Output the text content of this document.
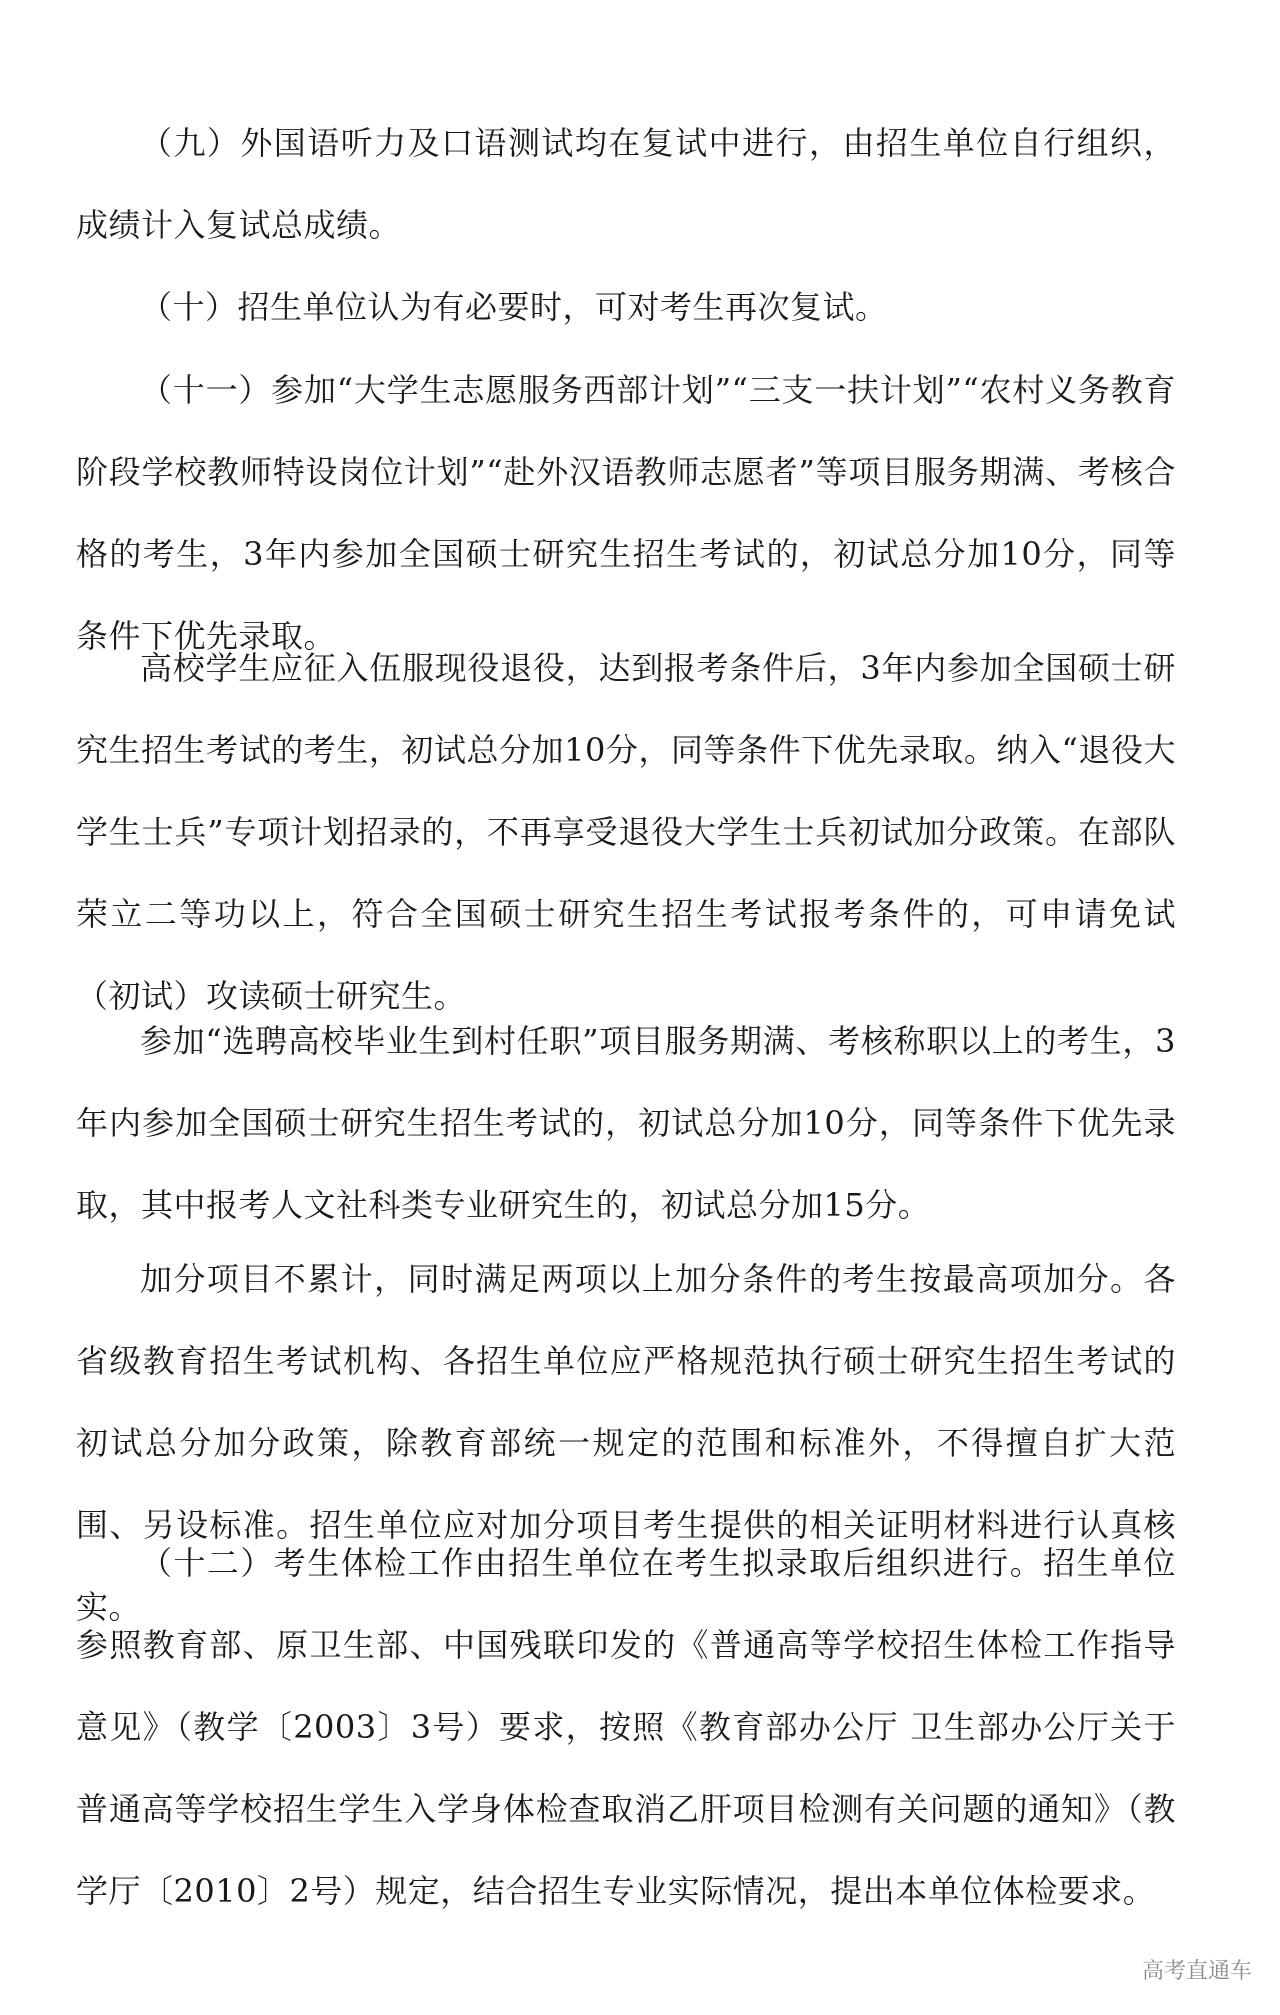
（九）外国语听力及口语测试均在复试中进行，由招生单位自行组织，成绩计入复试总成绩。

（十）招生单位认为有必要时，可对考生再次复试。

（十一）参加“大学生志愿服务西部计划”“三支一扶计划”“农村义务教育阶段学校教师特设岗位计划”“赴外汉语教师志愿者”等项目服务期满、考核合格的考生，3年内参加全国硕士研究生招生考试的，初试总分加10分，同等条件下优先录取。

高校学生应征入伍服现役退役，达到报考条件后，3年内参加全国硕士研究生招生考试的考生，初试总分加10分，同等条件下优先录取。纳入“退役大学生士兵”专项计划招录的，不再享受退役大学生士兵初试加分政策。在部队荣立二等功以上，符合全国硕士研究生招生考试报考条件的，可申请免试（初试）攻读硕士研究生。

参加“选聘高校毕业生到村任职”项目服务期满、考核称职以上的考生，3年内参加全国硕士研究生招生考试的，初试总分加10分，同等条件下优先录取，其中报考人文社科类专业研究生的，初试总分加15分。

加分项目不累计，同时满足两项以上加分条件的考生按最高项加分。各省级教育招生考试机构、各招生单位应严格规范执行硕士研究生招生考试的初试总分加分政策，除教育部统一规定的范围和标准外，不得擅自扩大范围、另设标准。招生单位应对加分项目考生提供的相关证明材料进行认真核实。

（十二）考生体检工作由招生单位在考生拟录取后组织进行。招生单位参照教育部、原卫生部、中国残联印发的《普通高等学校招生体检工作指导意见》（教学〔2003〕3号）要求，按照《教育部办公厅 卫生部办公厅关于普通高等学校招生学生入学身体检查取消乙肝项目检测有关问题的通知》（教学厅〔2010〕2号）规定，结合招生专业实际情况，提出本单位体检要求。

高考直通车
